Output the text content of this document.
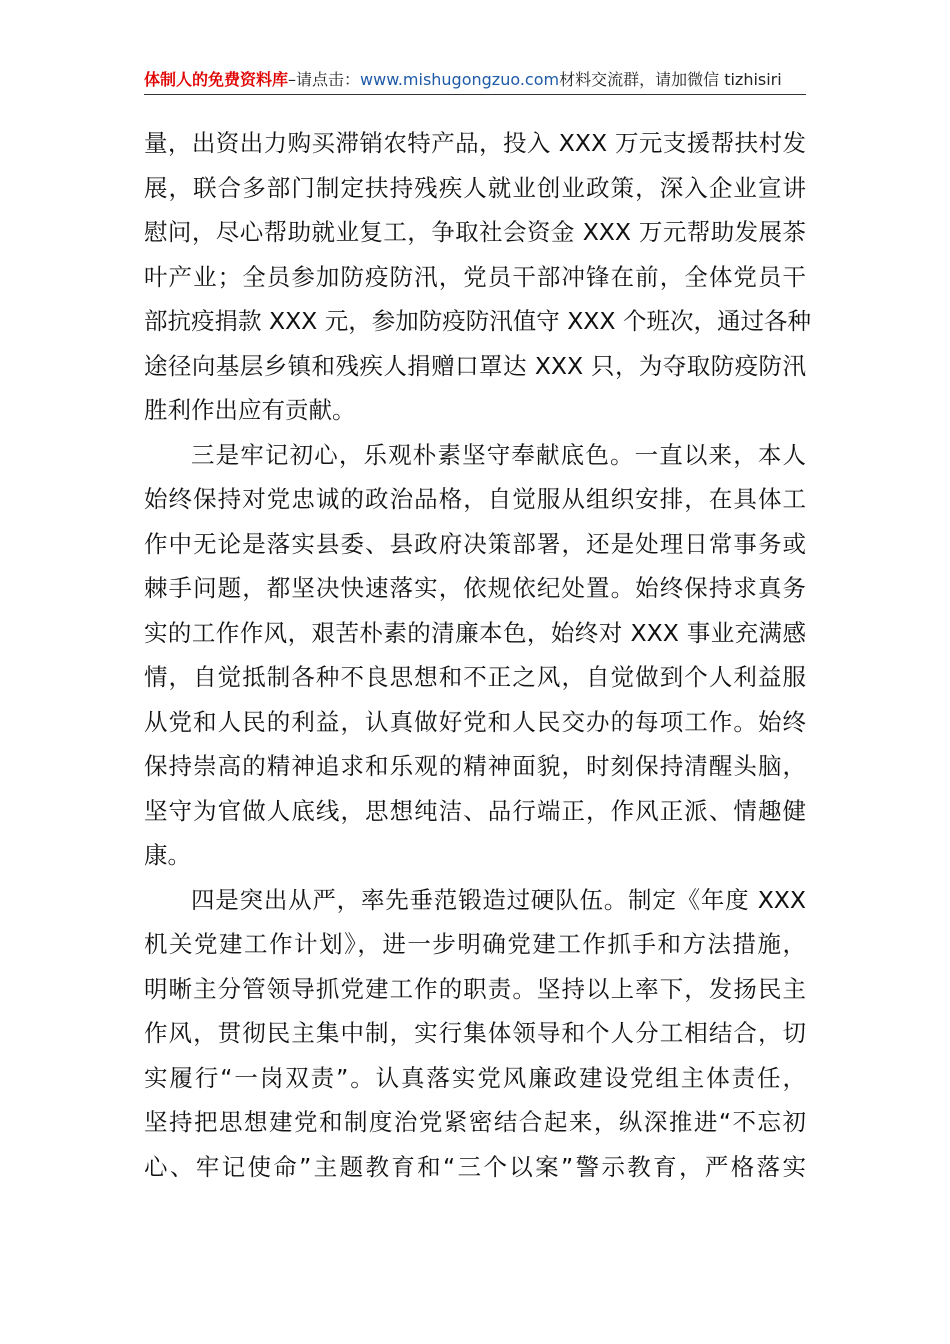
体制人的免费资料库–请点击：www.mishugongzuo.com材料交流群，请加微信 tizhisiri
量，出资出力购买滞销农特产品，投入 XXX 万元支援帮扶村发
展，联合多部门制定扶持残疾人就业创业政策，深入企业宣讲
慰问，尽心帮助就业复工，争取社会资金 XXX 万元帮助发展茶
叶产业；全员参加防疫防汛，党员干部冲锋在前，全体党员干
部抗疫捐款 XXX 元，参加防疫防汛值守 XXX 个班次，通过各种
途径向基层乡镇和残疾人捐赠口罩达 XXX 只，为夺取防疫防汛
胜利作出应有贡献。
三是牢记初心，乐观朴素坚守奉献底色。一直以来，本人
始终保持对党忠诚的政治品格，自觉服从组织安排，在具体工
作中无论是落实县委、县政府决策部署，还是处理日常事务或
棘手问题，都坚决快速落实，依规依纪处置。始终保持求真务
实的工作作风，艰苦朴素的清廉本色，始终对 XXX 事业充满感
情，自觉抵制各种不良思想和不正之风，自觉做到个人利益服
从党和人民的利益，认真做好党和人民交办的每项工作。始终
保持崇高的精神追求和乐观的精神面貌，时刻保持清醒头脑，
坚守为官做人底线，思想纯洁、品行端正，作风正派、情趣健
康。
四是突出从严，率先垂范锻造过硬队伍。制定《年度 XXX
机关党建工作计划》，进一步明确党建工作抓手和方法措施，
明晰主分管领导抓党建工作的职责。坚持以上率下，发扬民主
作风，贯彻民主集中制，实行集体领导和个人分工相结合，切
实履行“一岗双责”。认真落实党风廉政建设党组主体责任，
坚持把思想建党和制度治党紧密结合起来，纵深推进“不忘初
心、牢记使命”主题教育和“三个以案”警示教育，严格落实
